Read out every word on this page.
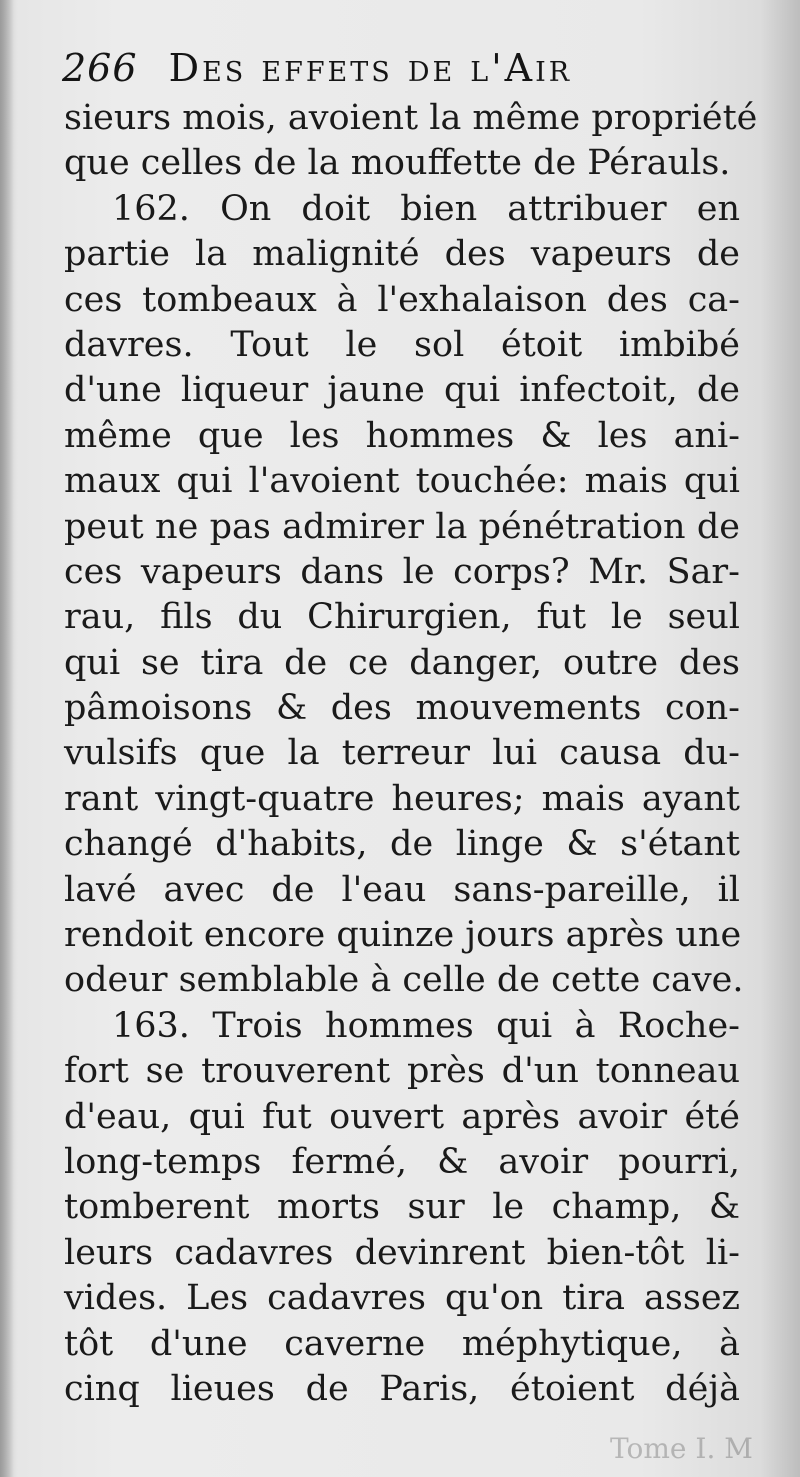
266 Des effets de l'Air
sieurs mois, avoient la même propriété
que celles de la mouffette de Pérauls.
162. On doit bien attribuer en
partie la malignité des vapeurs de
ces tombeaux à l'exhalaison des ca-
davres. Tout le sol étoit imbibé
d'une liqueur jaune qui infectoit, de
même que les hommes & les ani-
maux qui l'avoient touchée: mais qui
peut ne pas admirer la pénétration de
ces vapeurs dans le corps? Mr. Sar-
rau, fils du Chirurgien, fut le seul
qui se tira de ce danger, outre des
pâmoisons & des mouvements con-
vulsifs que la terreur lui causa du-
rant vingt-quatre heures; mais ayant
changé d'habits, de linge & s'étant
lavé avec de l'eau sans-pareille, il
rendoit encore quinze jours après une
odeur semblable à celle de cette cave.
163. Trois hommes qui à Roche-
fort se trouverent près d'un tonneau
d'eau, qui fut ouvert après avoir été
long-temps fermé, & avoir pourri,
tomberent morts sur le champ, &
leurs cadavres devinrent bien-tôt li-
vides. Les cadavres qu'on tira assez
tôt d'une caverne méphytique, à
cinq lieues de Paris, étoient déjà
Tome I. M
